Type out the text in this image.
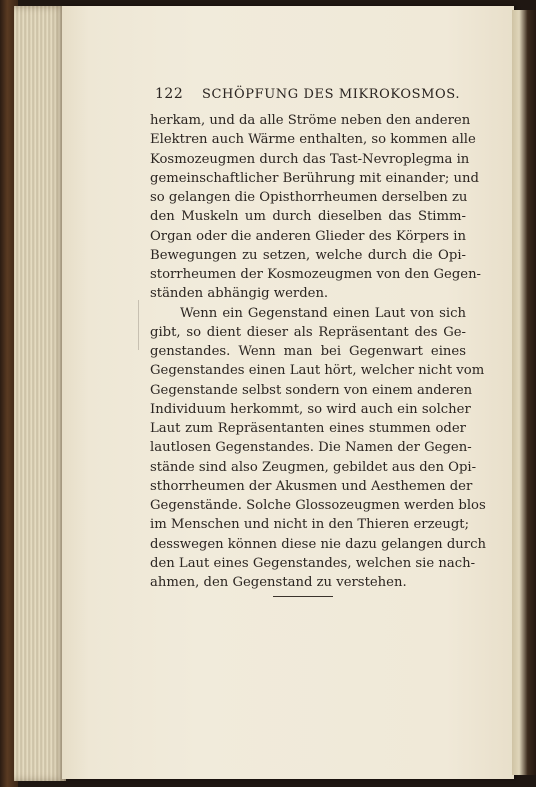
122 SCHÖPFUNG DES MIKROKOSMOS.
herkam, und da alle Ströme neben den anderen
Elektren auch Wärme enthalten, so kommen alle
Kosmozeugmen durch das Tast-Nevroplegma in
gemeinschaftlicher Berührung mit einander; und
so gelangen die Opisthorrheumen derselben zu
den Muskeln um durch dieselben das Stimm-
Organ oder die anderen Glieder des Körpers in
Bewegungen zu setzen, welche durch die Opi-
storrheumen der Kosmozeugmen von den Gegen-
ständen abhängig werden.
Wenn ein Gegenstand einen Laut von sich
gibt, so dient dieser als Repräsentant des Ge-
genstandes. Wenn man bei Gegenwart eines
Gegenstandes einen Laut hört, welcher nicht vom
Gegenstande selbst sondern von einem anderen
Individuum herkommt, so wird auch ein solcher
Laut zum Repräsentanten eines stummen oder
lautlosen Gegenstandes. Die Namen der Gegen-
stände sind also Zeugmen, gebildet aus den Opi-
sthorrheumen der Akusmen und Aesthemen der
Gegenstände. Solche Glossozeugmen werden blos
im Menschen und nicht in den Thieren erzeugt;
desswegen können diese nie dazu gelangen durch
den Laut eines Gegenstandes, welchen sie nach-
ahmen, den Gegenstand zu verstehen.
